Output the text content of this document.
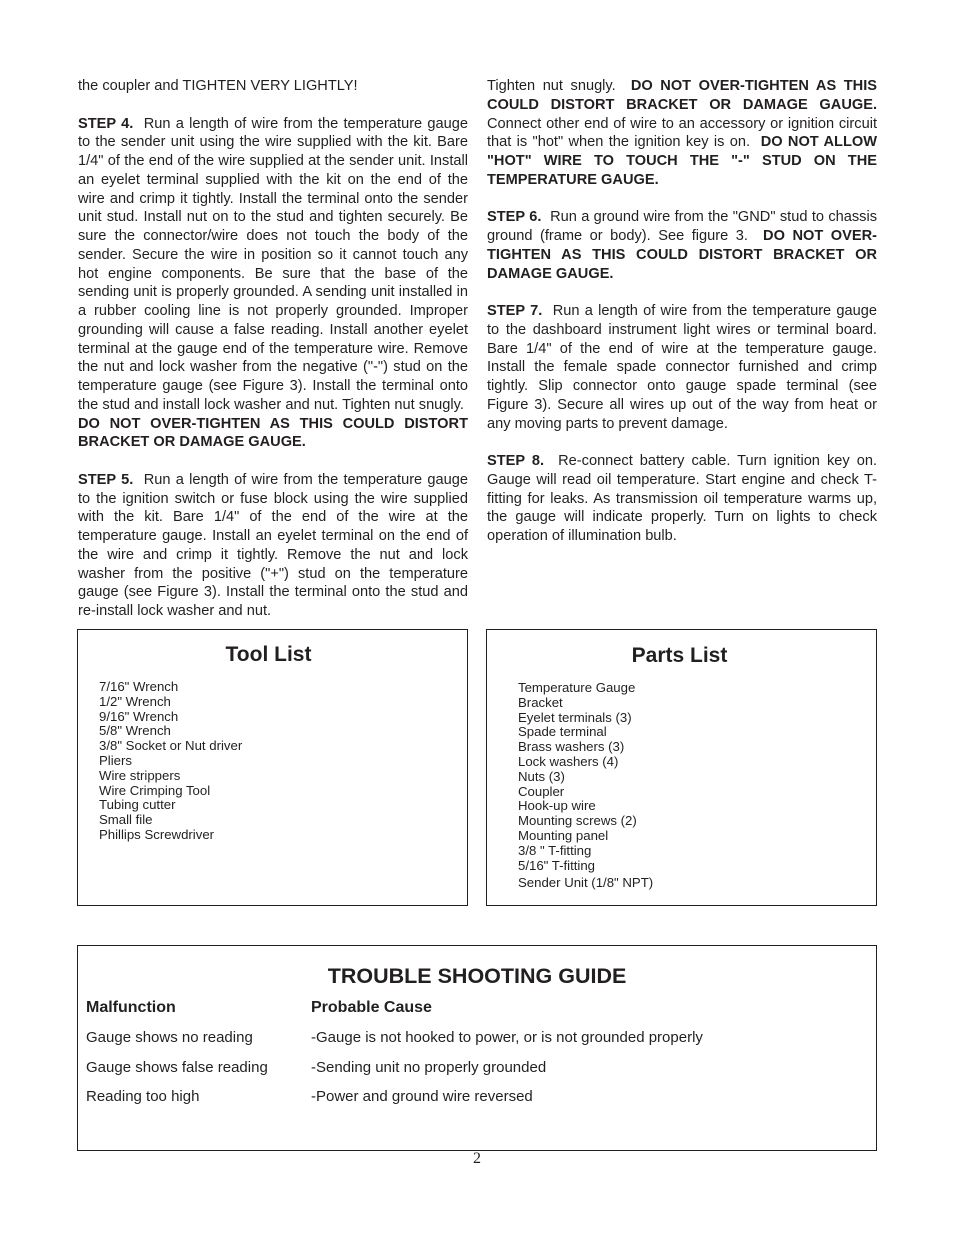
the coupler and TIGHTEN VERY LIGHTLY!

STEP 4. Run a length of wire from the temperature gauge to the sender unit using the wire supplied with the kit. Bare 1/4" of the end of the wire supplied at the sender unit. Install an eyelet terminal supplied with the kit on the end of the wire and crimp it tightly. Install the terminal onto the sender unit stud. Install nut on to the stud and tighten securely. Be sure the connector/wire does not touch the body of the sender. Secure the wire in position so it cannot touch any hot engine components. Be sure that the base of the sending unit is properly grounded. A sending unit installed in a rubber cooling line is not properly grounded. Improper grounding will cause a false reading. Install another eyelet terminal at the gauge end of the temperature wire. Remove the nut and lock washer from the negative ("-") stud on the temperature gauge (see Figure 3). Install the terminal onto the stud and install lock washer and nut. Tighten nut snugly.  DO NOT OVER-TIGHTEN AS THIS COULD DISTORT BRACKET OR DAMAGE GAUGE.

STEP 5. Run a length of wire from the temperature gauge to the ignition switch or fuse block using the wire supplied with the kit. Bare 1/4" of the end of the wire at the temperature gauge. Install an eyelet terminal on the end of the wire and crimp it tightly. Remove the nut and lock washer from the positive ("+") stud on the temperature gauge (see Figure 3). Install the terminal onto the stud and re-install lock washer and nut.

Tighten nut snugly. DO NOT OVER-TIGHTEN AS THIS COULD DISTORT BRACKET OR DAMAGE GAUGE. Connect other end of wire to an accessory or ignition circuit that is "hot" when the ignition key is on. DO NOT ALLOW "HOT" WIRE TO TOUCH THE "-" STUD ON THE TEMPERATURE GAUGE.

STEP 6. Run a ground wire from the "GND" stud to chassis ground (frame or body). See figure 3. DO NOT OVER-TIGHTEN AS THIS COULD DISTORT BRACKET OR DAMAGE GAUGE.

STEP 7. Run a length of wire from the temperature gauge to the dashboard instrument light wires or terminal board. Bare 1/4" of the end of wire at the temperature gauge. Install the female spade connector furnished and crimp tightly. Slip connector onto gauge spade terminal (see Figure 3). Secure all wires up out of the way from heat or any moving parts to prevent damage.

STEP 8. Re-connect battery cable. Turn ignition key on. Gauge will read oil temperature. Start engine and check T-fitting for leaks. As transmission oil temperature warms up, the gauge will indicate properly. Turn on lights to check operation of illumination bulb.

Tool List
7/16" Wrench
1/2" Wrench
9/16" Wrench
5/8" Wrench
3/8" Socket or Nut driver
Pliers
Wire strippers
Wire Crimping Tool
Tubing cutter
Small file
Phillips Screwdriver
Parts List
Temperature Gauge
Bracket
Eyelet terminals (3)
Spade terminal
Brass washers (3)
Lock washers (4)
Nuts (3)
Coupler
Hook-up wire
Mounting screws (2)
Mounting panel
3/8 " T-fitting
5/16" T-fitting
Sender Unit (1/8" NPT)
TROUBLE SHOOTING GUIDE
Malfunction	Probable Cause
Gauge shows no reading	-Gauge is not hooked to power, or is not grounded properly
Gauge shows false reading	-Sending unit no properly grounded
Reading too high	-Power and ground wire reversed
2
